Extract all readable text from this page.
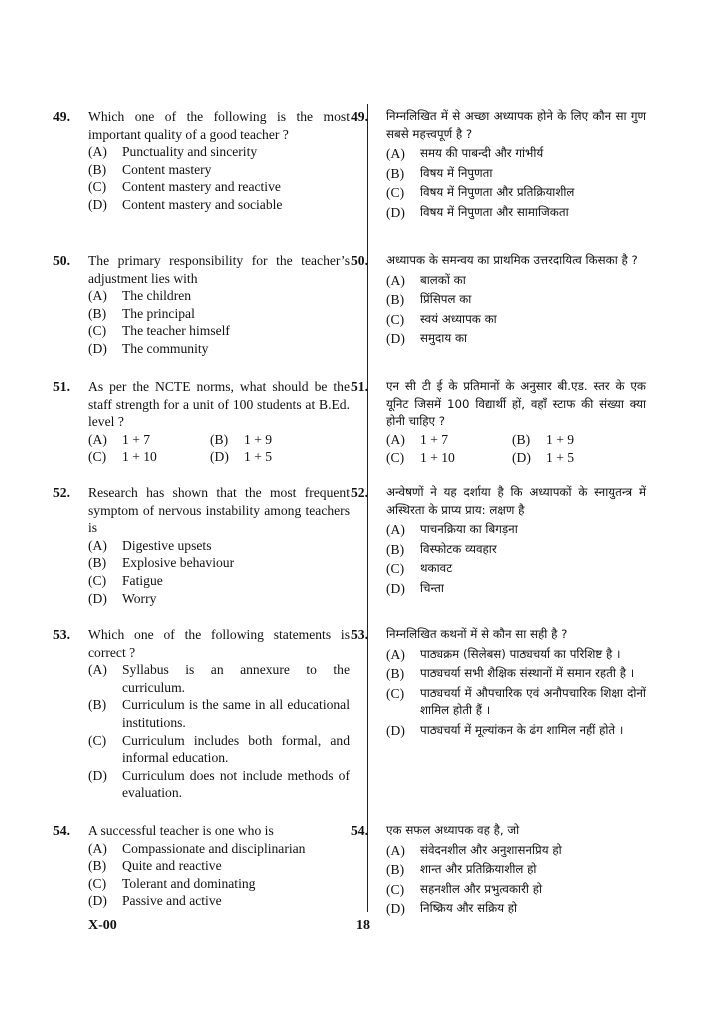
49. Which one of the following is the most important quality of a good teacher ?
(A) Punctuality and sincerity
(B) Content mastery
(C) Content mastery and reactive
(D) Content mastery and sociable
50. The primary responsibility for the teacher’s adjustment lies with
(A) The children
(B) The principal
(C) The teacher himself
(D) The community
51. As per the NCTE norms, what should be the staff strength for a unit of 100 students at B.Ed. level ?
(A) 1 + 7	(B) 1 + 9
(C) 1 + 10	(D) 1 + 5
52. Research has shown that the most frequent symptom of nervous instability among teachers is
(A) Digestive upsets
(B) Explosive behaviour
(C) Fatigue
(D) Worry
53. Which one of the following statements is correct ?
(A) Syllabus is an annexure to the curriculum.
(B) Curriculum is the same in all educational institutions.
(C) Curriculum includes both formal, and informal education.
(D) Curriculum does not include methods of evaluation.
54. A successful teacher is one who is
(A) Compassionate and disciplinarian
(B) Quite and reactive
(C) Tolerant and dominating
(D) Passive and active
49. निम्नलिखित में से अच्छा अध्यापक होने के लिए कौन सा गुण सबसे महत्त्वपूर्ण है ?
(A) समय की पाबन्दी और गांभीर्य
(B) विषय में निपुणता
(C) विषय में निपुणता और प्रतिक्रियाशील
(D) विषय में निपुणता और सामाजिकता
50. अध्यापक के समन्वय का प्राथमिक उत्तरदायित्व किसका है ?
(A) बालकों का
(B) प्रिंसिपल का
(C) स्वयं अध्यापक का
(D) समुदाय का
51. एन सी टी ई के प्रतिमानों के अनुसार बी.एड. स्तर के एक यूनिट जिसमें 100 विद्यार्थी हों, वहाँ स्टाफ की संख्या क्या होनी चाहिए ?
(A) 1 + 7	(B) 1 + 9
(C) 1 + 10	(D) 1 + 5
52. अन्वेषणों ने यह दर्शाया है कि अध्यापकों के स्नायुतन्त्र में अस्थिरता के प्राप्य प्राय: लक्षण है
(A) पाचनक्रिया का बिगड़ना
(B) विस्फोटक व्यवहार
(C) थकावट
(D) चिन्ता
53. निम्नलिखित कथनों में से कौन सा सही है ?
(A) पाठ्यक्रम (सिलेबस) पाठ्यचर्या का परिशिष्ट है ।
(B) पाठ्यचर्या सभी शैक्षिक संस्थानों में समान रहती है ।
(C) पाठ्यचर्या में औपचारिक एवं अनौपचारिक शिक्षा दोनों शामिल होती हैं ।
(D) पाठ्यचर्या में मूल्यांकन के ढंग शामिल नहीं होते ।
54. एक सफल अध्यापक वह है, जो
(A) संवेदनशील और अनुशासनप्रिय हो
(B) शान्त और प्रतिक्रियाशील हो
(C) सहनशील और प्रभुत्वकारी हो
(D) निष्क्रिय और सक्रिय हो
X-00	18
